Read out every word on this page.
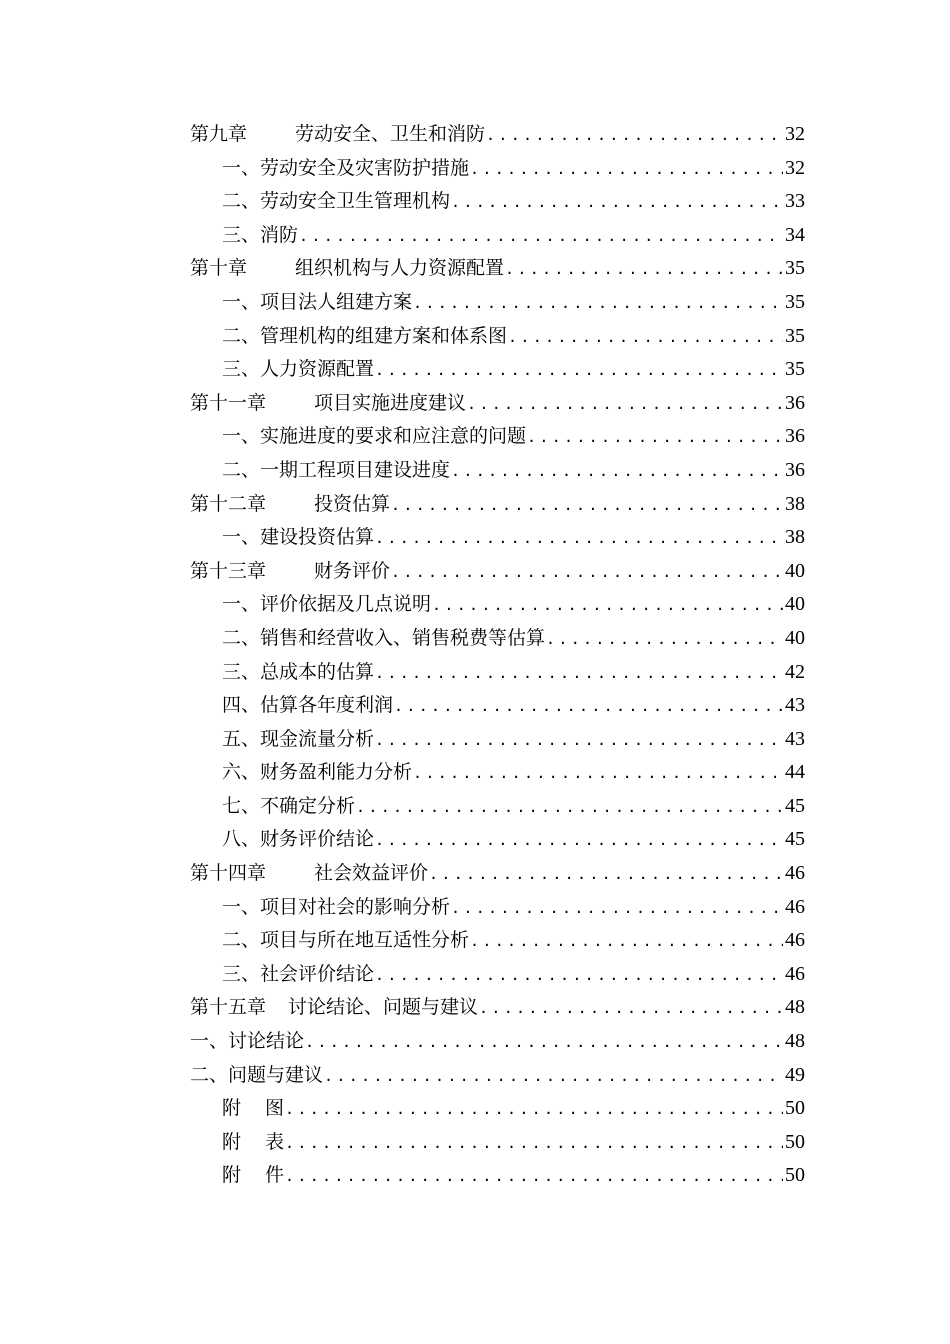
第九章	劳动安全、卫生和消防 .....	32
一、劳动安全及灾害防护措施 .....	32
二、劳动安全卫生管理机构 .....	33
三、消防 .....	34
第十章	组织机构与人力资源配置 .....	35
一、项目法人组建方案 .....	35
二、管理机构的组建方案和体系图 .....	35
三、人力资源配置 .....	35
第十一章	项目实施进度建议 .....	36
一、实施进度的要求和应注意的问题 .....	36
二、一期工程项目建设进度 .....	36
第十二章	投资估算 .....	38
一、建设投资估算 .....	38
第十三章	财务评价 .....	40
一、评价依据及几点说明 .....	40
二、销售和经营收入、销售税费等估算 .....	40
三、总成本的估算 .....	42
四、估算各年度利润 .....	43
五、现金流量分析 .....	43
六、财务盈利能力分析 .....	44
七、不确定分析 .....	45
八、财务评价结论 .....	45
第十四章	社会效益评价 .....	46
一、项目对社会的影响分析 .....	46
二、项目与所在地互适性分析 .....	46
三、社会评价结论 .....	46
第十五章 讨论结论、问题与建议 .....	48
一、讨论结论 .....	48
二、问题与建议 .....	49
附 图 .....	50
附 表 .....	50
附 件 .....	50
